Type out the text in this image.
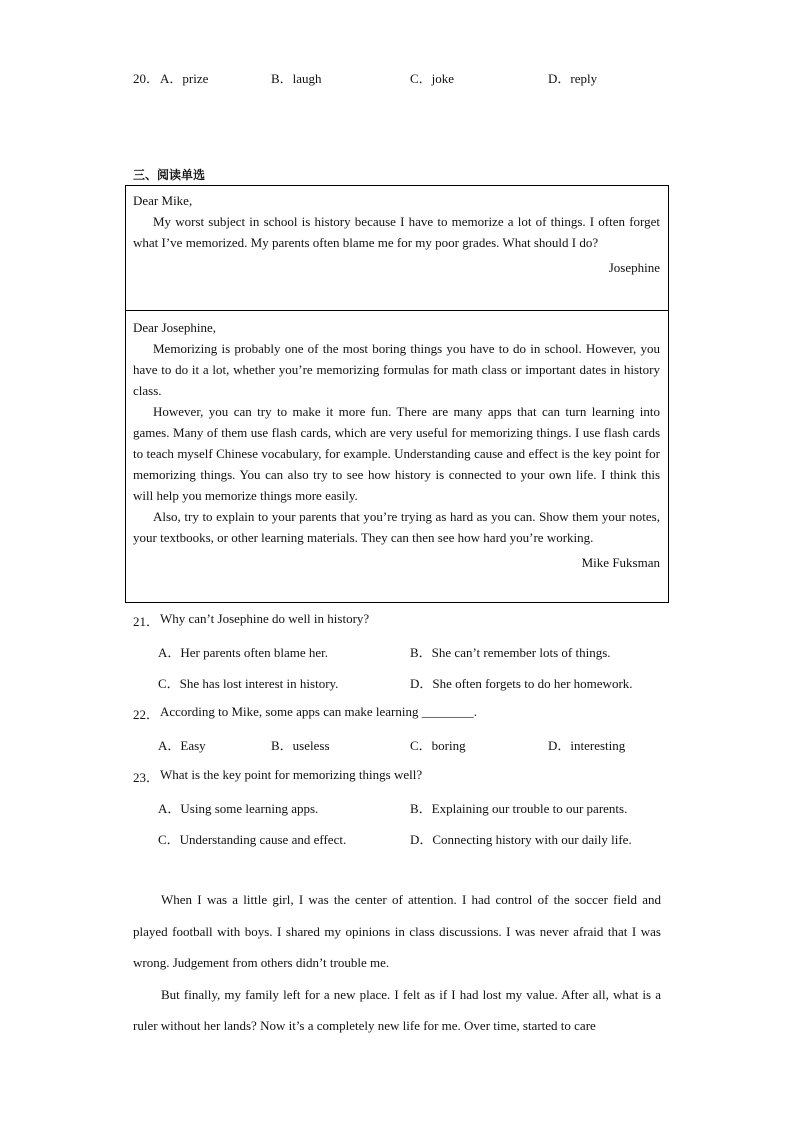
20． A．prize	B．laugh	C．joke	D．reply
三、阅读单选

Dear Mike,

My worst subject in school is history because I have to memorize a lot of things. I often forget what I’ve memorized. My parents often blame me for my poor grades. What should I do?

Josephine

Dear Josephine,

Memorizing is probably one of the most boring things you have to do in school. However, you have to do it a lot, whether you’re memorizing formulas for math class or important dates in history class.

However, you can try to make it more fun. There are many apps that can turn learning into games. Many of them use flash cards, which are very useful for memorizing things. I use flash cards to teach myself Chinese vocabulary, for example. Understanding cause and effect is the key point for memorizing things. You can also try to see how history is connected to your own life. I think this will help you memorize things more easily.

Also, try to explain to your parents that you’re trying as hard as you can. Show them your notes, your textbooks, or other learning materials. They can then see how hard you’re working.

Mike Fuksman

21． Why can’t Josephine do well in history?
A．Her parents often blame her.	B．She can’t remember lots of things.
C．She has lost interest in history.	D．She often forgets to do her homework.
22． According to Mike, some apps can make learning ________.
A．Easy	B．useless	C．boring	D．interesting
23． What is the key point for memorizing things well?
A．Using some learning apps.	B．Explaining our trouble to our parents.
C．Understanding cause and effect.	D．Connecting history with our daily life.

When I was a little girl, I was the center of attention. I had control of the soccer field and played football with boys. I shared my opinions in class discussions. I was never afraid that I was wrong. Judgement from others didn’t trouble me.

But finally, my family left for a new place. I felt as if I had lost my value. After all, what is a ruler without her lands? Now it’s a completely new life for me. Over time, started to care
